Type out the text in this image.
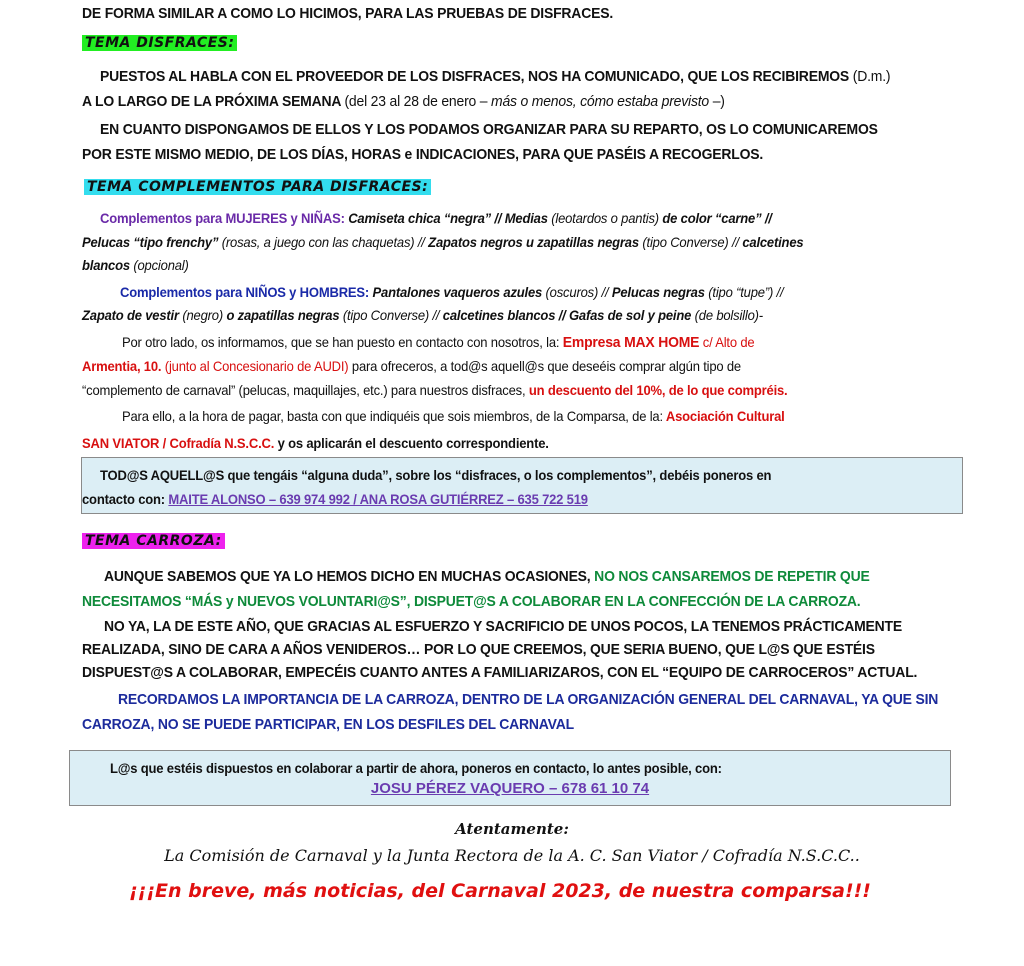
DE FORMA SIMILAR A COMO LO HICIMOS, PARA LAS PRUEBAS DE DISFRACES.
TEMA DISFRACES:
PUESTOS AL HABLA CON EL PROVEEDOR DE LOS DISFRACES, NOS HA COMUNICADO, QUE LOS RECIBIREMOS (D.m.)
A LO LARGO DE LA PRÓXIMA SEMANA (del 23 al 28 de enero – más o menos, cómo estaba previsto –)
EN CUANTO DISPONGAMOS DE ELLOS Y LOS PODAMOS ORGANIZAR PARA SU REPARTO, OS LO COMUNICAREMOS
POR ESTE MISMO MEDIO, DE LOS DÍAS, HORAS e INDICACIONES, PARA QUE PASÉIS A RECOGERLOS.
TEMA COMPLEMENTOS PARA DISFRACES:
Complementos para MUJERES y NIÑAS: Camiseta chica “negra” // Medias (leotardos o pantis) de color “carne” //
Pelucas “tipo frenchy” (rosas, a juego con las chaquetas) // Zapatos negros u zapatillas negras (tipo Converse) // calcetines
blancos (opcional)
Complementos para NIÑOS y HOMBRES: Pantalones vaqueros azules (oscuros) // Pelucas negras (tipo “tupe”) //
Zapato de vestir (negro) o zapatillas negras (tipo Converse) // calcetines blancos // Gafas de sol y peine (de bolsillo)-
Por otro lado, os informamos, que se han puesto en contacto con nosotros, la: Empresa MAX HOME c/ Alto de
Armentia, 10. (junto al Concesionario de AUDI) para ofreceros, a tod@s aquell@s que deseéis comprar algún tipo de
“complemento de carnaval” (pelucas, maquillajes, etc.) para nuestros disfraces, un descuento del 10%, de lo que compréis.
Para ello, a la hora de pagar, basta con que indiquéis que sois miembros, de la Comparsa, de la: Asociación Cultural
SAN VIATOR / Cofradía N.S.C.C. y os aplicarán el descuento correspondiente.
TOD@S AQUELL@S que tengáis “alguna duda”, sobre los “disfraces, o los complementos”, debéis poneros en
contacto con: MAITE ALONSO – 639 974 992 / ANA ROSA GUTIÉRREZ – 635 722 519
TEMA CARROZA:
AUNQUE SABEMOS QUE YA LO HEMOS DICHO EN MUCHAS OCASIONES, NO NOS CANSAREMOS DE REPETIR QUE
NECESITAMOS “MÁS y NUEVOS VOLUNTARI@S”, DISPUET@S A COLABORAR EN LA CONFECCIÓN DE LA CARROZA.
NO YA, LA DE ESTE AÑO, QUE GRACIAS AL ESFUERZO Y SACRIFICIO DE UNOS POCOS, LA TENEMOS PRÁCTICAMENTE
REALIZADA, SINO DE CARA A AÑOS VENIDEROS… POR LO QUE CREEMOS, QUE SERIA BUENO, QUE L@S QUE ESTÉIS
DISPUEST@S A COLABORAR, EMPECÉIS CUANTO ANTES A FAMILIARIZAROS, CON EL “EQUIPO DE CARROCEROS” ACTUAL.
RECORDAMOS LA IMPORTANCIA DE LA CARROZA, DENTRO DE LA ORGANIZACIÓN GENERAL DEL CARNAVAL, YA QUE SIN
CARROZA, NO SE PUEDE PARTICIPAR, EN LOS DESFILES DEL CARNAVAL
L@s que estéis dispuestos en colaborar a partir de ahora, poneros en contacto, lo antes posible, con:
JOSU PÉREZ VAQUERO – 678 61 10 74
Atentamente:
La Comisión de Carnaval y la Junta Rectora de la A. C. San Viator / Cofradía N.S.C.C..
¡¡¡En breve, más noticias, del Carnaval 2023, de nuestra comparsa!!!
